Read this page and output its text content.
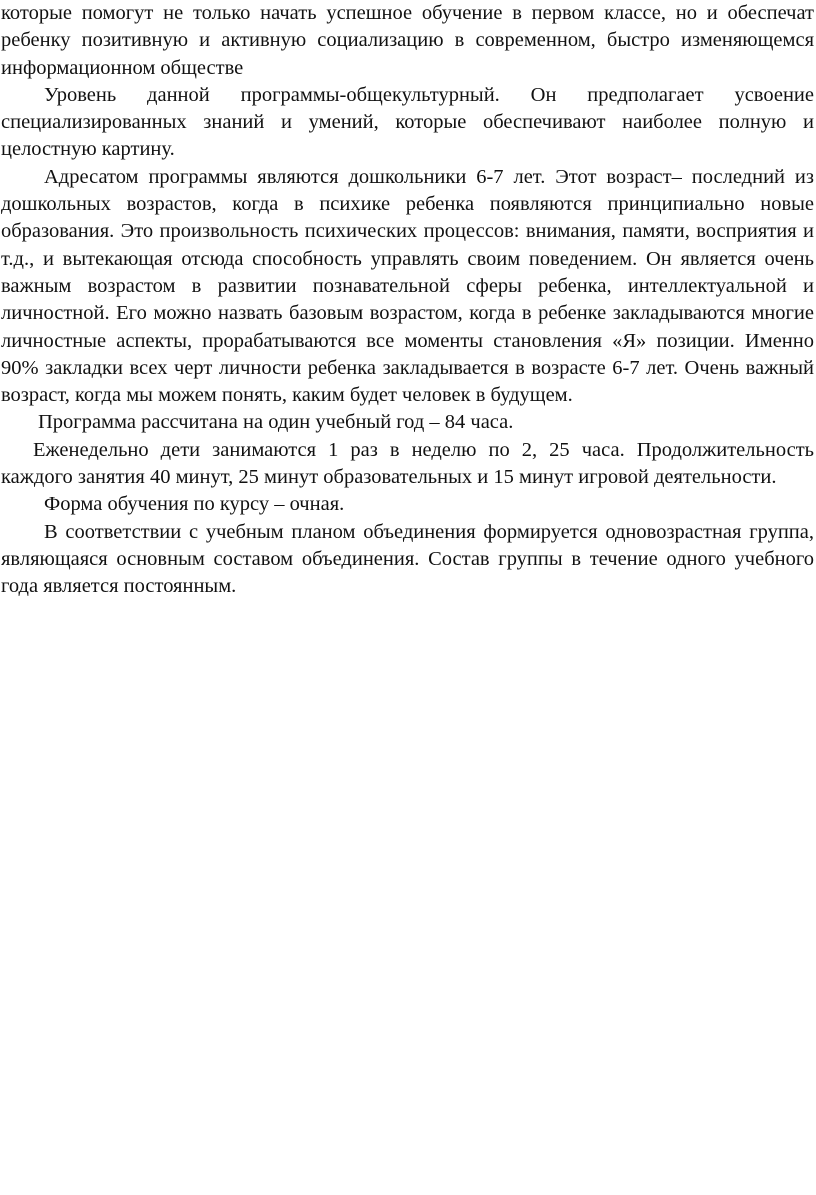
которые помогут не только начать успешное обучение в первом классе, но и обеспечат ребенку позитивную и активную социализацию в современном, быстро изменяющемся информационном обществе

Уровень данной программы-общекультурный. Он предполагает усвоение специализированных знаний и умений, которые обеспечивают наиболее полную и целостную картину.

Адресатом программы являются дошкольники 6-7 лет. Этот возраст– последний из дошкольных возрастов, когда в психике ребенка появляются принципиально новые образования. Это произвольность психических процессов: внимания, памяти, восприятия и т.д., и вытекающая отсюда способность управлять своим поведением. Он является очень важным возрастом в развитии познавательной сферы ребенка, интеллектуальной и личностной. Его можно назвать базовым возрастом, когда в ребенке закладываются многие личностные аспекты, прорабатываются все моменты становления «Я» позиции. Именно 90% закладки всех черт личности ребенка закладывается в возрасте 6-7 лет. Очень важный возраст, когда мы можем понять, каким будет человек в будущем.

Программа рассчитана на один учебный год – 84 часа.

Еженедельно дети занимаются 1 раз в неделю по 2, 25 часа. Продолжительность каждого занятия 40 минут, 25 минут образовательных и 15 минут игровой деятельности.

Форма обучения по курсу – очная.

В соответствии с учебным планом объединения формируется одновозрастная группа, являющаяся основным составом объединения. Состав группы в течение одного учебного года является постоянным.
